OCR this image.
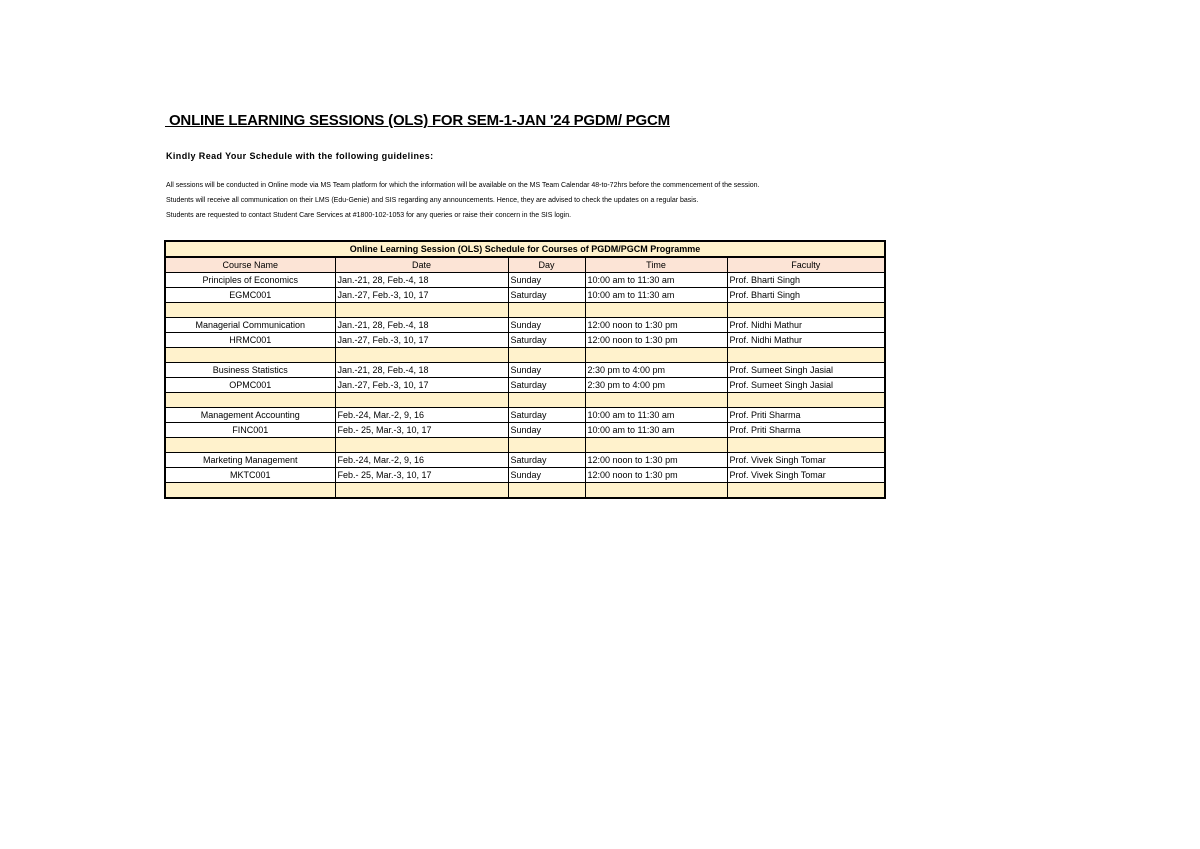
ONLINE LEARNING SESSIONS (OLS) FOR SEM-1-JAN '24 PGDM/ PGCM
Kindly Read Your Schedule with the following guidelines:
All sessions will be conducted in Online mode via MS Team platform for which the information will be available on the MS Team Calendar 48-to-72hrs before the commencement of the session.
Students will receive all communication on their LMS (Edu-Genie) and SIS regarding any announcements. Hence, they are advised to check the updates on a regular basis.
Students are requested to contact Student Care Services at #1800-102-1053 for any queries or raise their concern in the SIS login.
Online Learning Session (OLS) Schedule for Courses of PGDM/PGCM Programme				
Course Name	Date	Day	Time	Faculty
Principles of Economics	Jan.-21, 28, Feb.-4, 18	Sunday	10:00 am to 11:30 am	Prof. Bharti Singh
EGMC001	Jan.-27, Feb.-3, 10, 17	Saturday	10:00 am to 11:30 am	Prof. Bharti Singh

Managerial Communication	Jan.-21, 28, Feb.-4, 18	Sunday	12:00 noon to 1:30 pm	Prof. Nidhi Mathur
HRMC001	Jan.-27, Feb.-3, 10, 17	Saturday	12:00 noon to 1:30 pm	Prof. Nidhi Mathur

Business Statistics	Jan.-21, 28, Feb.-4, 18	Sunday	2:30 pm to 4:00 pm	Prof. Sumeet Singh Jasial
OPMC001	Jan.-27, Feb.-3, 10, 17	Saturday	2:30 pm to 4:00 pm	Prof. Sumeet Singh Jasial

Management Accounting	Feb.-24, Mar.-2, 9, 16	Saturday	10:00 am to 11:30 am	Prof. Priti Sharma
FINC001	Feb.- 25, Mar.-3, 10, 17	Sunday	10:00 am to 11:30 am	Prof. Priti Sharma

Marketing Management	Feb.-24, Mar.-2, 9, 16	Saturday	12:00 noon to 1:30 pm	Prof. Vivek Singh Tomar
MKTC001	Feb.- 25, Mar.-3, 10, 17	Sunday	12:00 noon to 1:30 pm	Prof. Vivek Singh Tomar
